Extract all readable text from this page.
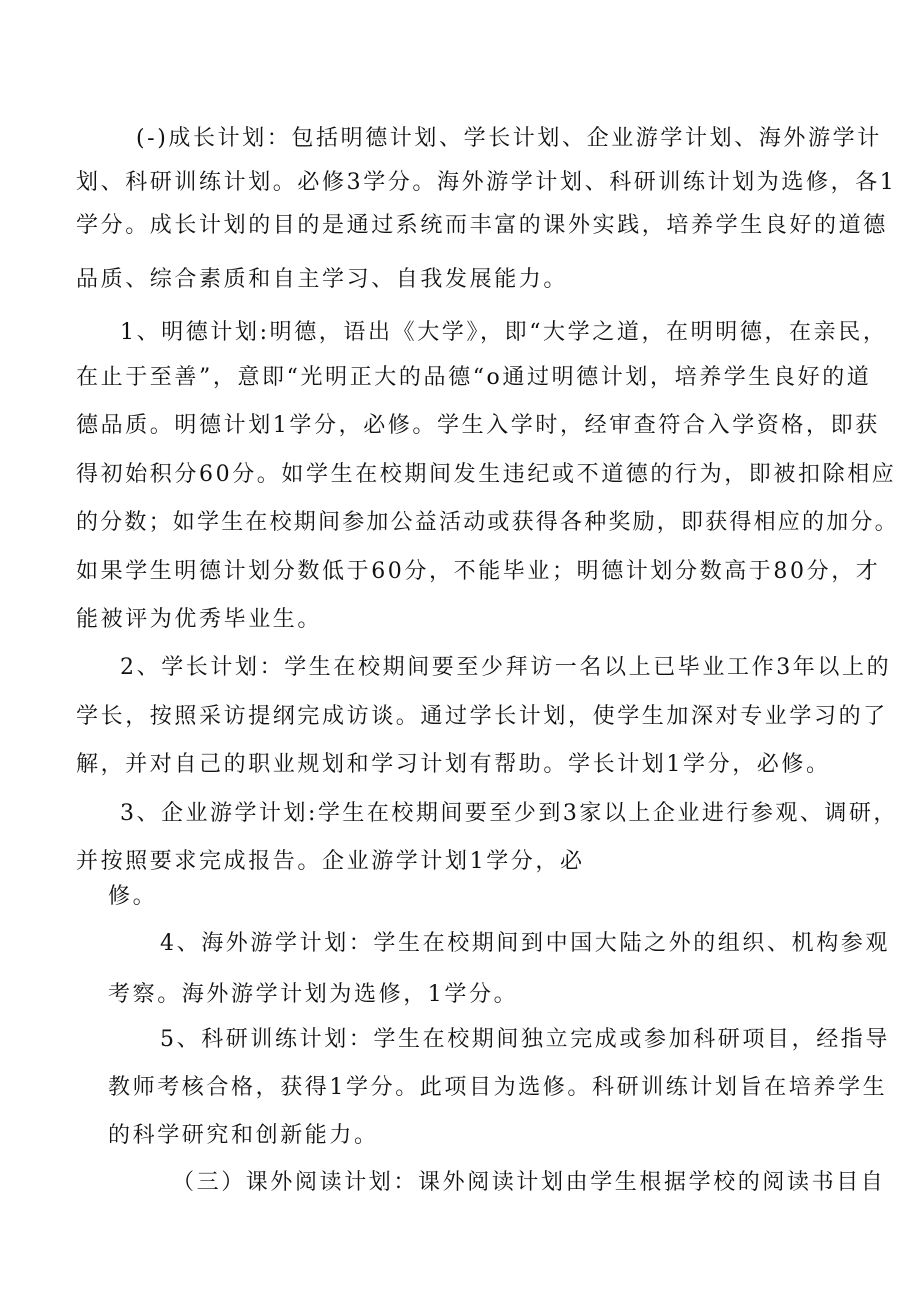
(-)成长计划：包括明德计划、学长计划、企业游学计划、海外游学计
划、科研训练计划。必修3学分。海外游学计划、科研训练计划为选修，各1
学分。成长计划的目的是通过系统而丰富的课外实践，培养学生良好的道德
品质、综合素质和自主学习、自我发展能力。
1、明德计划:明德，语出《大学》，即“大学之道，在明明德，在亲民，
在止于至善”，意即“光明正大的品德“o通过明德计划，培养学生良好的道
德品质。明德计划1学分，必修。学生入学时，经审查符合入学资格，即获
得初始积分60分。如学生在校期间发生违纪或不道德的行为，即被扣除相应
的分数；如学生在校期间参加公益活动或获得各种奖励，即获得相应的加分。
如果学生明德计划分数低于60分，不能毕业；明德计划分数高于80分，才
能被评为优秀毕业生。
2、学长计划：学生在校期间要至少拜访一名以上已毕业工作3年以上的
学长，按照采访提纲完成访谈。通过学长计划，使学生加深对专业学习的了
解，并对自己的职业规划和学习计划有帮助。学长计划1学分，必修。
3、企业游学计划:学生在校期间要至少到3家以上企业进行参观、调研，
并按照要求完成报告。企业游学计划1学分，必
修。
4、海外游学计划：学生在校期间到中国大陆之外的组织、机构参观
考察。海外游学计划为选修，1学分。
5、科研训练计划：学生在校期间独立完成或参加科研项目，经指导
教师考核合格，获得1学分。此项目为选修。科研训练计划旨在培养学生
的科学研究和创新能力。
（三）课外阅读计划：课外阅读计划由学生根据学校的阅读书目自
